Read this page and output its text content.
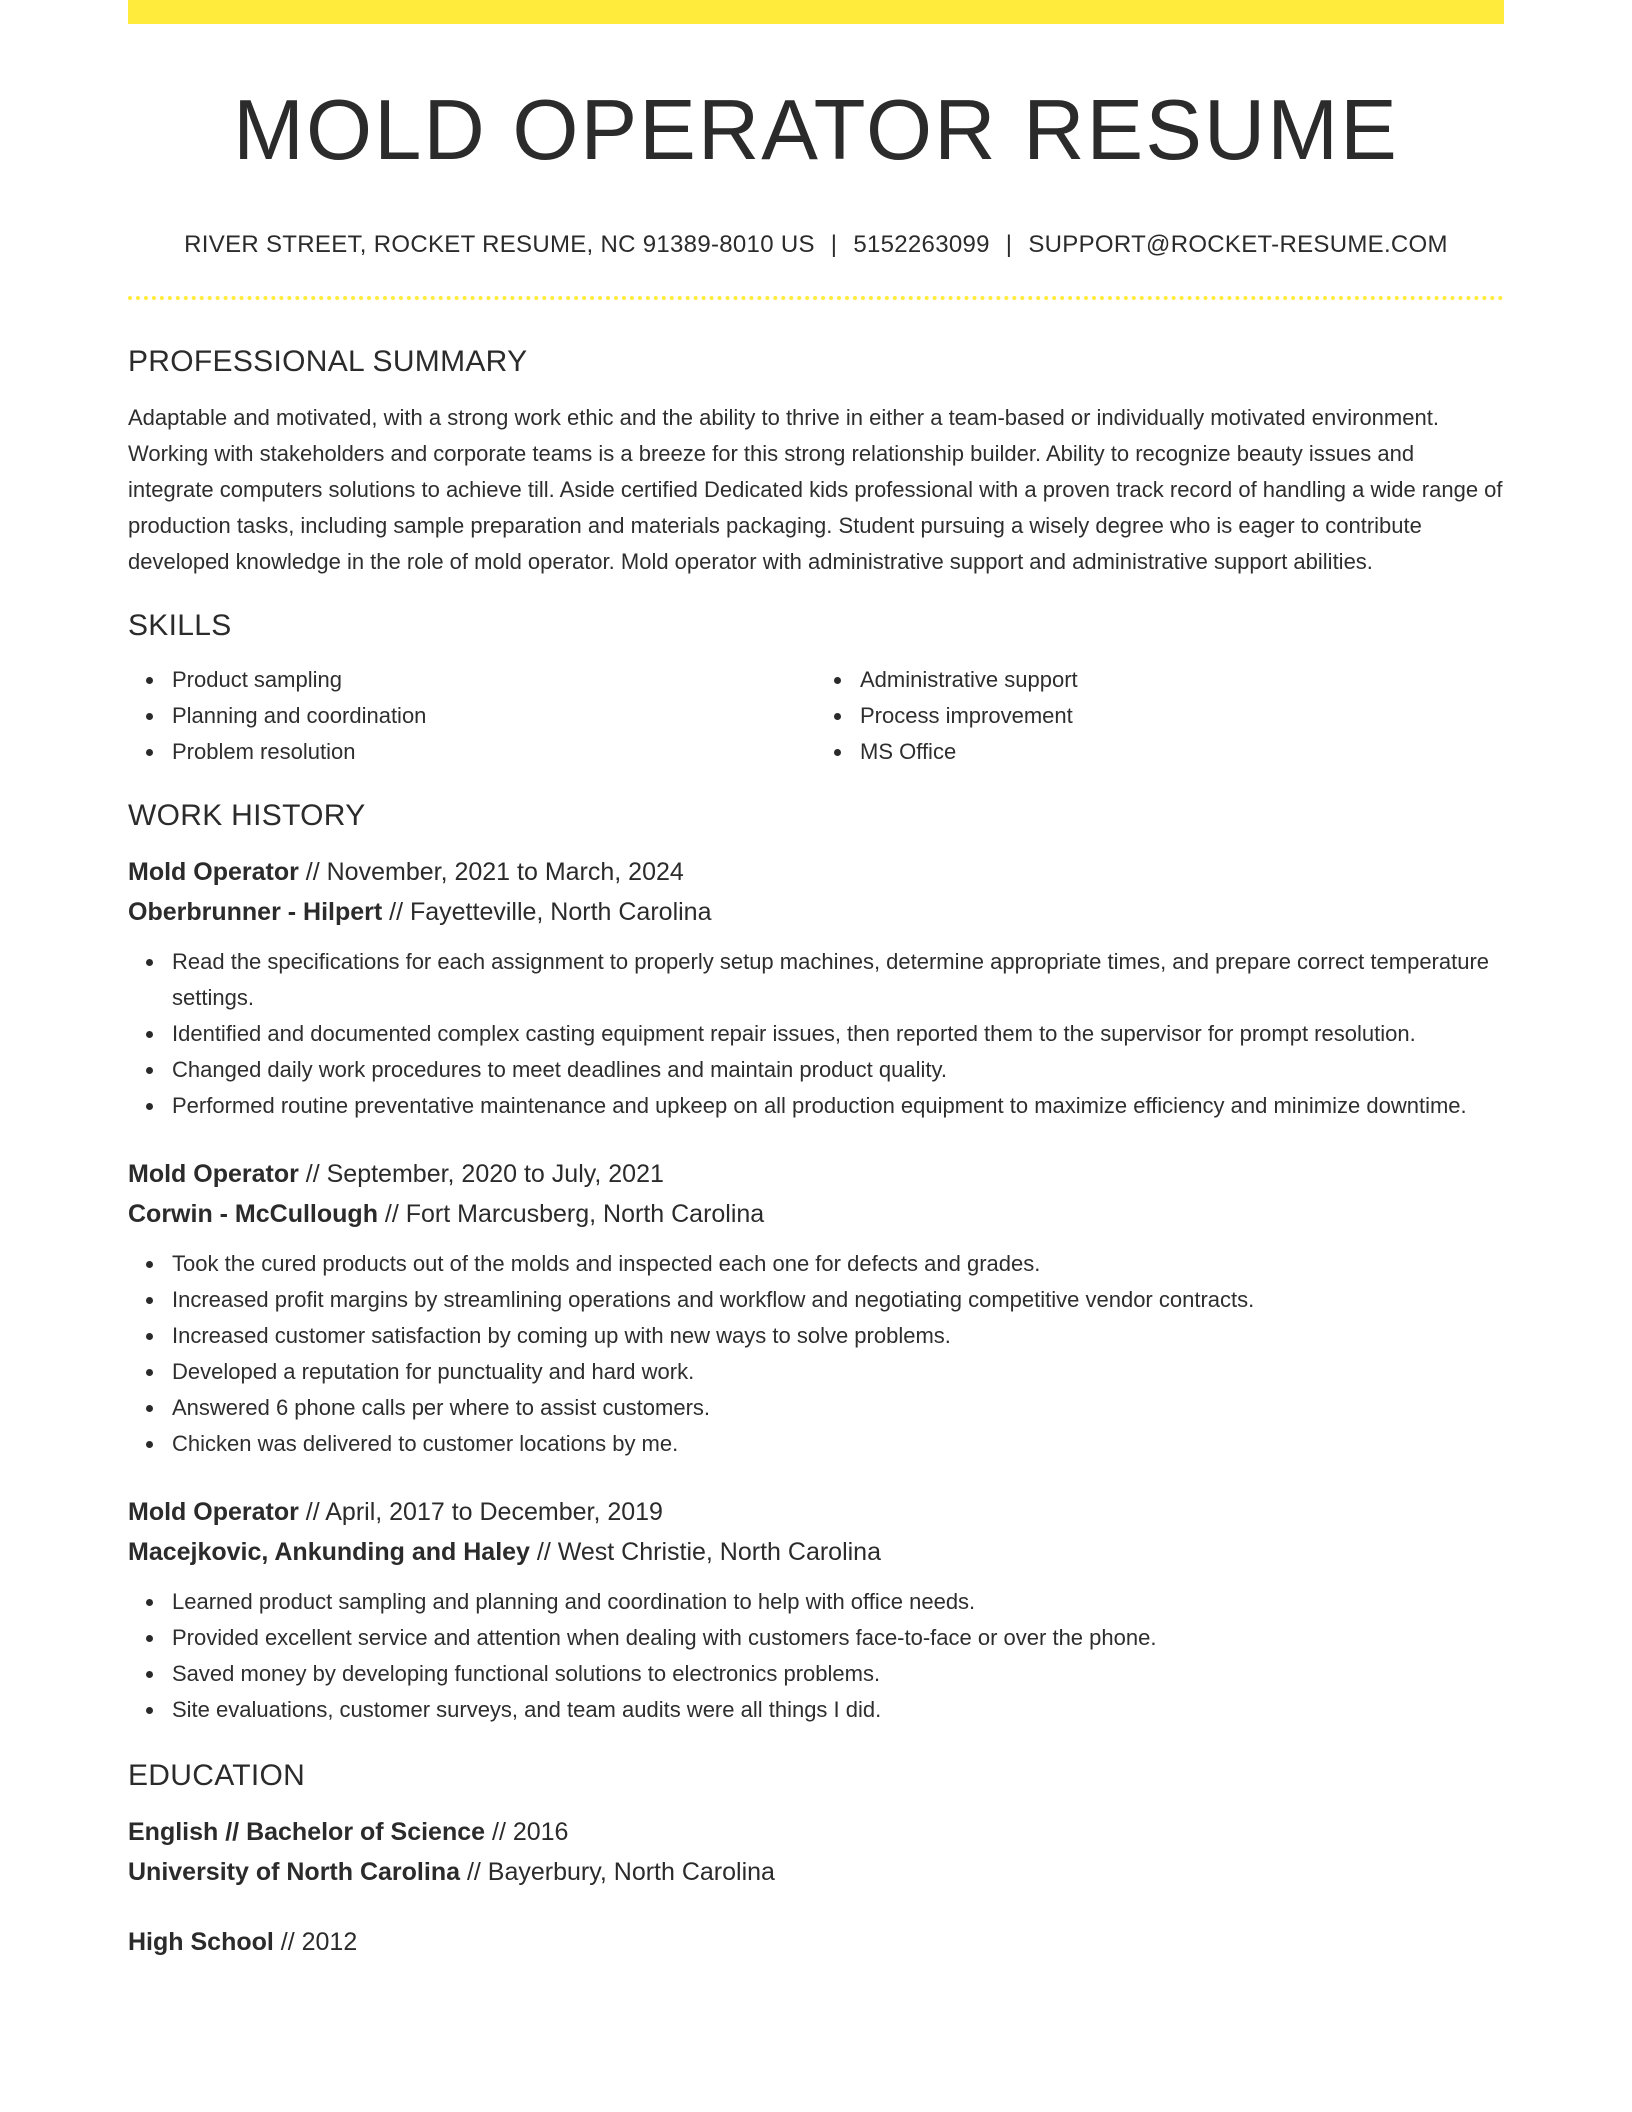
MOLD OPERATOR RESUME
RIVER STREET, ROCKET RESUME, NC 91389-8010 US | 5152263099 | SUPPORT@ROCKET-RESUME.COM
PROFESSIONAL SUMMARY
Adaptable and motivated, with a strong work ethic and the ability to thrive in either a team-based or individually motivated environment. Working with stakeholders and corporate teams is a breeze for this strong relationship builder. Ability to recognize beauty issues and integrate computers solutions to achieve till. Aside certified Dedicated kids professional with a proven track record of handling a wide range of production tasks, including sample preparation and materials packaging. Student pursuing a wisely degree who is eager to contribute developed knowledge in the role of mold operator. Mold operator with administrative support and administrative support abilities.
SKILLS
Product sampling
Planning and coordination
Problem resolution
Administrative support
Process improvement
MS Office
WORK HISTORY
Mold Operator // November, 2021 to March, 2024
Oberbrunner - Hilpert // Fayetteville, North Carolina
Read the specifications for each assignment to properly setup machines, determine appropriate times, and prepare correct temperature settings.
Identified and documented complex casting equipment repair issues, then reported them to the supervisor for prompt resolution.
Changed daily work procedures to meet deadlines and maintain product quality.
Performed routine preventative maintenance and upkeep on all production equipment to maximize efficiency and minimize downtime.
Mold Operator // September, 2020 to July, 2021
Corwin - McCullough // Fort Marcusberg, North Carolina
Took the cured products out of the molds and inspected each one for defects and grades.
Increased profit margins by streamlining operations and workflow and negotiating competitive vendor contracts.
Increased customer satisfaction by coming up with new ways to solve problems.
Developed a reputation for punctuality and hard work.
Answered 6 phone calls per where to assist customers.
Chicken was delivered to customer locations by me.
Mold Operator // April, 2017 to December, 2019
Macejkovic, Ankunding and Haley // West Christie, North Carolina
Learned product sampling and planning and coordination to help with office needs.
Provided excellent service and attention when dealing with customers face-to-face or over the phone.
Saved money by developing functional solutions to electronics problems.
Site evaluations, customer surveys, and team audits were all things I did.
EDUCATION
English // Bachelor of Science // 2016
University of North Carolina // Bayerbury, North Carolina
High School // 2012
